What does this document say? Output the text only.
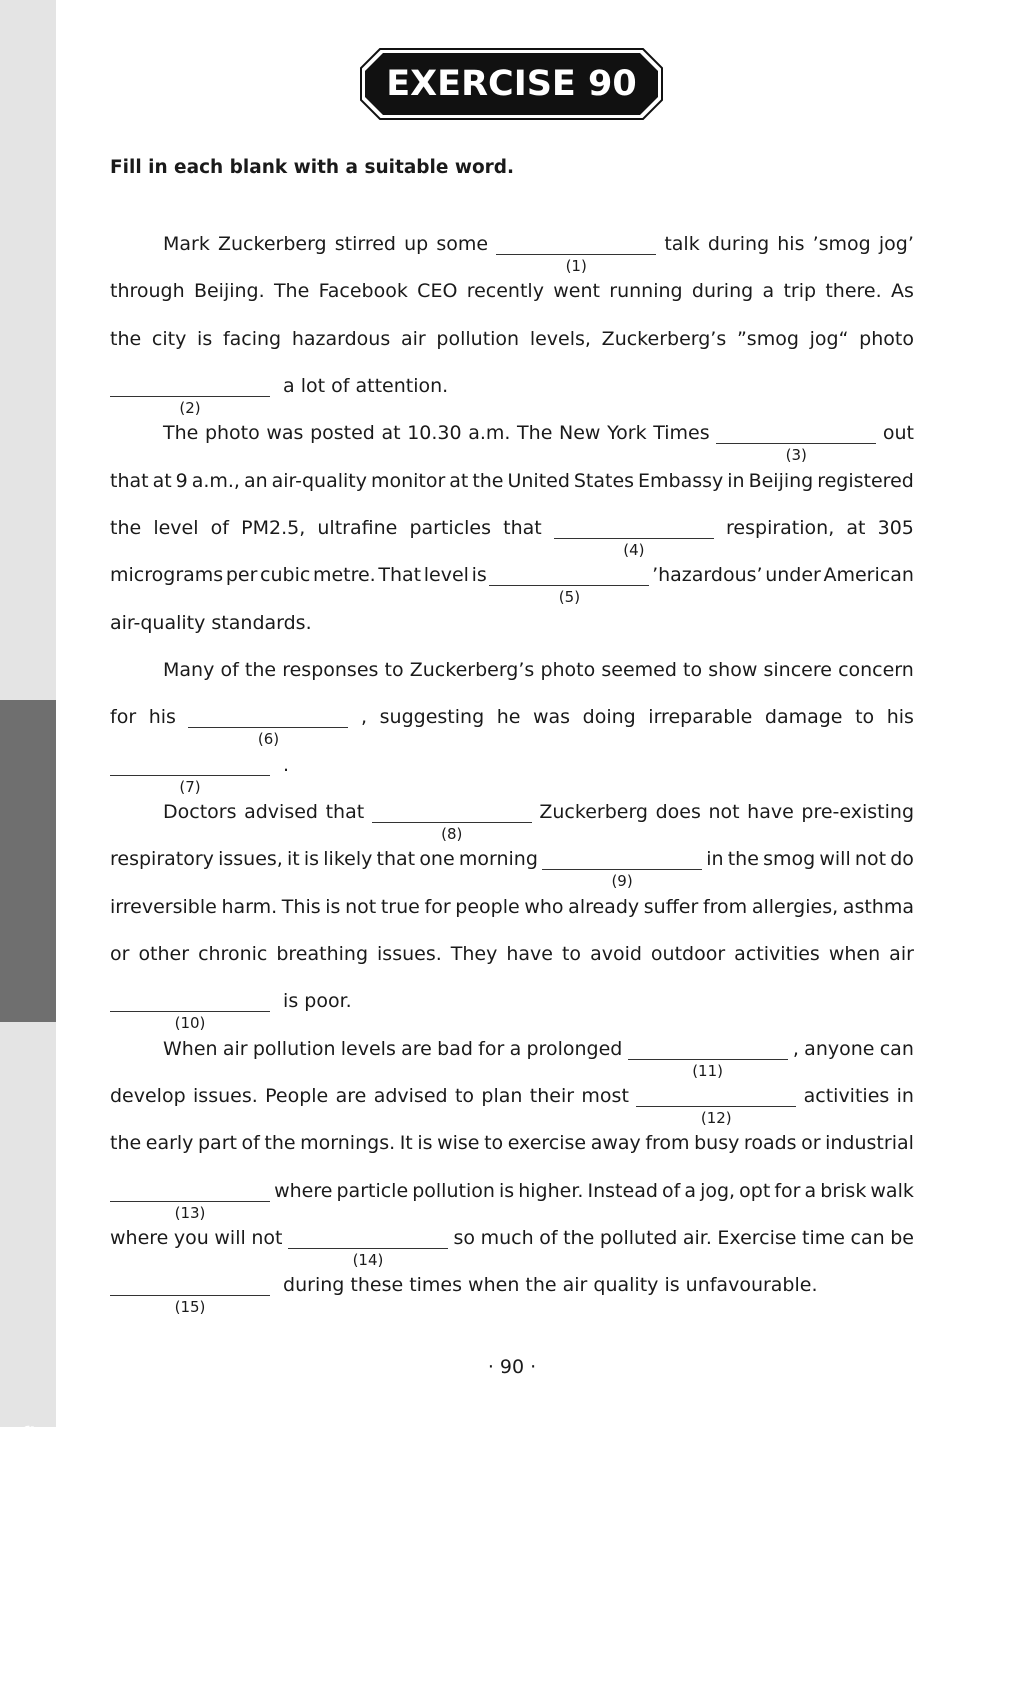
Comprehension Cloze
EXERCISE 90
Fill in each blank with a suitable word.
Mark Zuckerberg stirred up some
(1)
talk during his ’smog jog’
through Beijing. The Facebook CEO recently went running during a trip there. As
the city is facing hazardous air pollution levels, Zuckerberg’s ”smog jog“ photo
(2)
a lot of attention.
The photo was posted at 10.30 a.m. The New York Times
(3)
out
that at 9 a.m., an air-quality monitor at the United States Embassy in Beijing registered
the level of PM2.5, ultrafine particles that
(4)
respiration, at 305
micrograms per cubic metre. That level is
(5)
’hazardous’ under American
air-quality standards.
Many of the responses to Zuckerberg’s photo seemed to show sincere concern
for his
(6)
, suggesting he was doing irreparable damage to his
(7)
.
Doctors advised that
(8)
Zuckerberg does not have pre-existing
respiratory issues, it is likely that one morning
(9)
in the smog will not do
irreversible harm. This is not true for people who already suffer from allergies, asthma
or other chronic breathing issues. They have to avoid outdoor activities when air
(10)
is poor.
When air pollution levels are bad for a prolonged
(11)
, anyone can
develop issues. People are advised to plan their most
(12)
activities in
the early part of the mornings. It is wise to exercise away from busy roads or industrial
(13)
where particle pollution is higher. Instead of a jog, opt for a brisk walk
where you will not
(14)
so much of the polluted air. Exercise time can be
(15)
during these times when the air quality is unfavourable.
· 90 ·
